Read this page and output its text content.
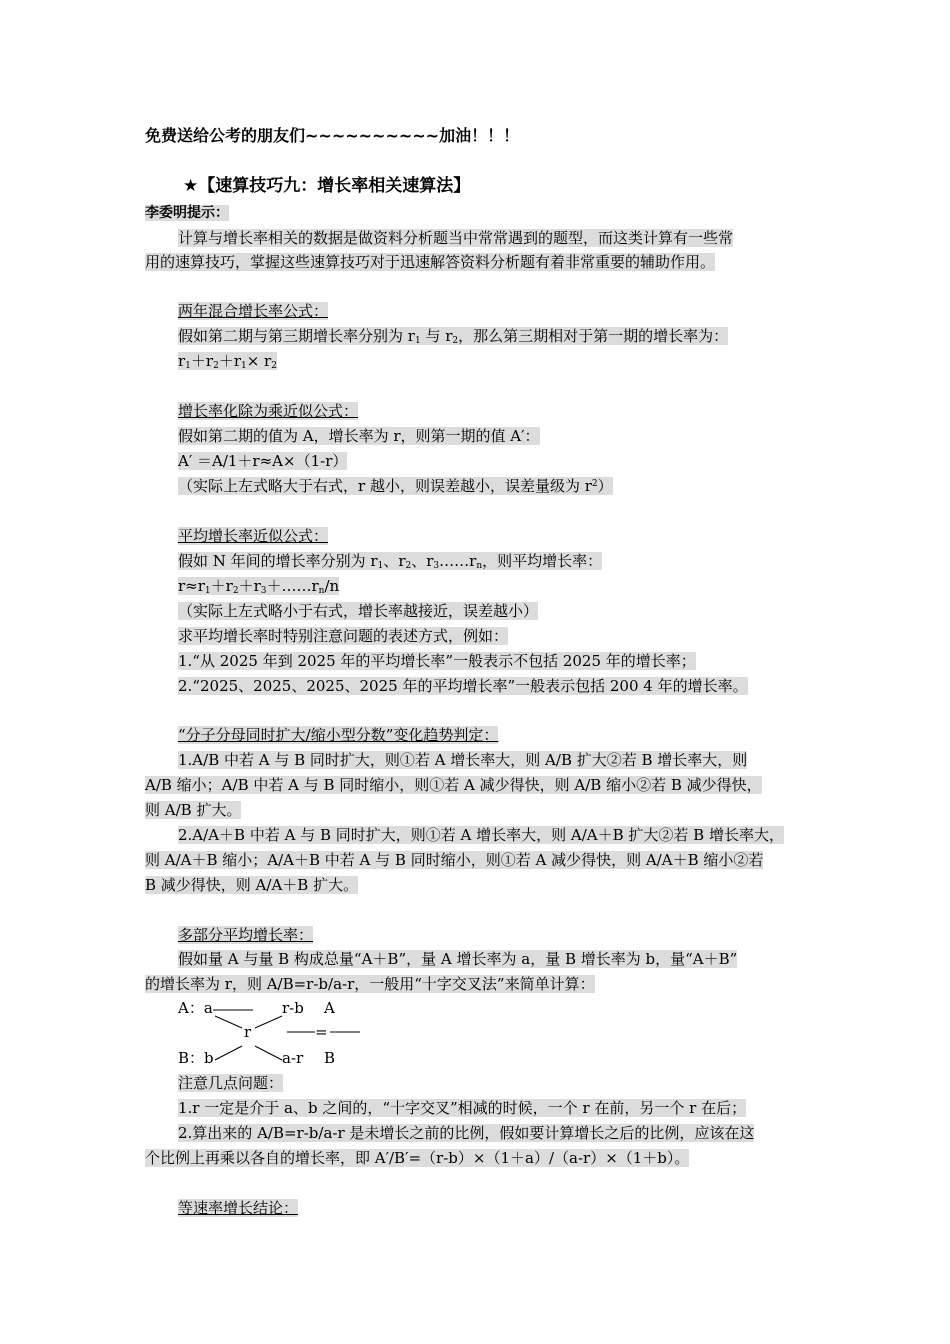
免费送给公考的朋友们~~~~~~~~~~加油！！！
★【速算技巧九：增长率相关速算法】
李委明提示：
计算与增长率相关的数据是做资料分析题当中常常遇到的题型，而这类计算有一些常
用的速算技巧，掌握这些速算技巧对于迅速解答资料分析题有着非常重要的辅助作用。
两年混合增长率公式：
假如第二期与第三期增长率分别为 $r_1$ 与 $r_2$，那么第三期相对于第一期的增长率为：
$r_1+r_2+r_1\times r_2$
增长率化除为乘近似公式：
假如第二期的值为 A，增长率为 r，则第一期的值 A′：
A′ ＝A/1＋r≈A×（1-r）
（实际上左式略大于右式，r 越小，则误差越小，误差量级为 $r^2$）
平均增长率近似公式：
假如 N 年间的增长率分别为 $r_1$、$r_2$、$r_3\dots\dots r_n$，则平均增长率：
$r\approx r_1+r_2+r_3+\dots\dots r_n/n$
（实际上左式略小于右式，增长率越接近，误差越小）
求平均增长率时特别注意问题的表述方式，例如：
1.“从 2025 年到 2025 年的平均增长率”一般表示不包括 2025 年的增长率；
2.“2025、2025、2025、2025 年的平均增长率”一般表示包括 200 4 年的增长率。
“分子分母同时扩大/缩小型分数”变化趋势判定：
1.A/B 中若 A 与 B 同时扩大，则①若 A 增长率大，则 A/B 扩大②若 B 增长率大，则
A/B 缩小；A/B 中若 A 与 B 同时缩小，则①若 A 减少得快，则 A/B 缩小②若 B 减少得快，
则 A/B 扩大。
2.A/A＋B 中若 A 与 B 同时扩大，则①若 A 增长率大，则 A/A＋B 扩大②若 B 增长率大，
则 A/A＋B 缩小；A/A＋B 中若 A 与 B 同时缩小，则①若 A 减少得快，则 A/A＋B 缩小②若
B 减少得快，则 A/A＋B 扩大。
多部分平均增长率：
假如量 A 与量 B 构成总量“A＋B”，量 A 增长率为 a，量 B 增长率为 b，量“A＋B”
的增长率为 r，则 A/B=r-b/a-r，一般用“十字交叉法”来简单计算：
A：a	r-b A
r	=
B：b	a-r B
注意几点问题：
1.r 一定是介于 a、b 之间的，“十字交叉”相减的时候，一个 r 在前，另一个 r 在后；
2.算出来的 A/B=r-b/a-r 是未增长之前的比例，假如要计算增长之后的比例，应该在这
个比例上再乘以各自的增长率，即 A′/B′=（r-b）×（1＋a）/（a-r）×（1＋b）。
等速率增长结论：
